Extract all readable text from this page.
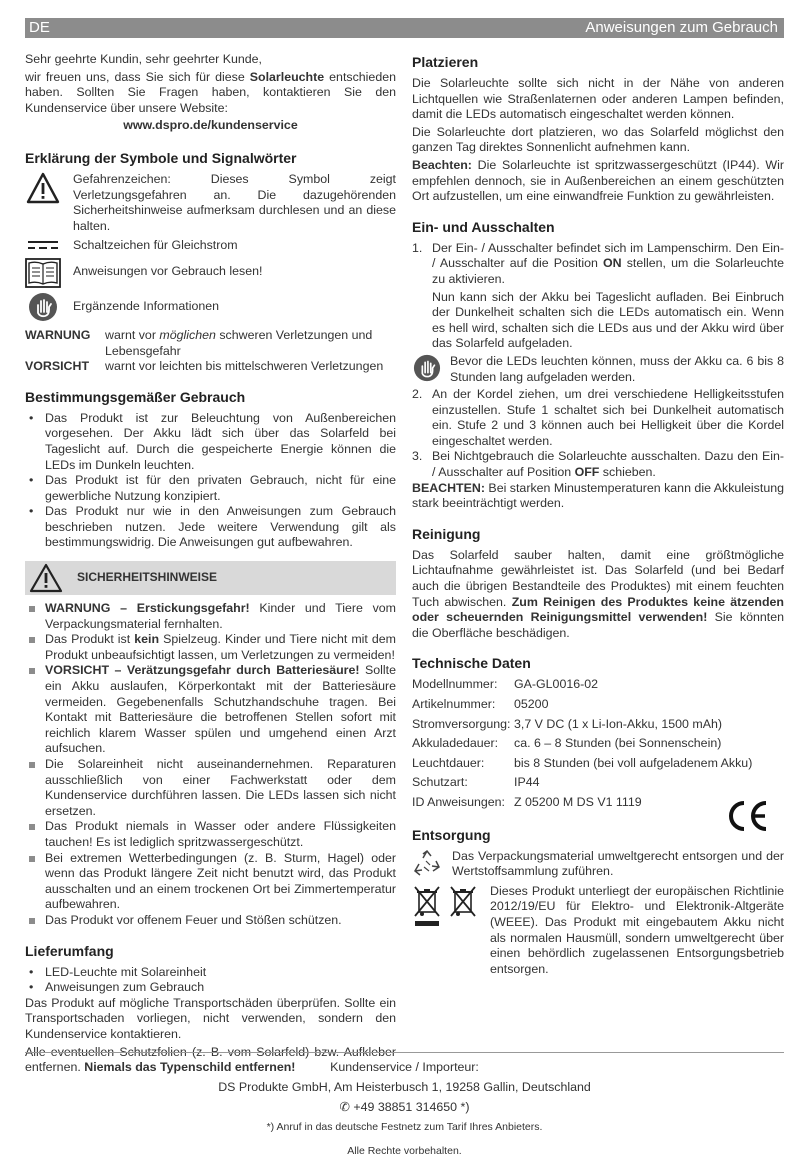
DE	Anweisungen zum Gebrauch

Sehr geehrte Kundin, sehr geehrter Kunde,

wir freuen uns, dass Sie sich für diese Solarleuchte entschieden haben. Sollten Sie Fragen haben, kontaktieren Sie den Kundenservice über unsere Website:

www.dspro.de/kundenservice

Erklärung der Symbole und Signalwörter
Gefahrenzeichen: Dieses Symbol zeigt Verletzungsgefahren an. Die dazugehörenden Sicherheitshinweise aufmerksam durchlesen und an diese halten.
Schaltzeichen für Gleichstrom
Anweisungen vor Gebrauch lesen!
Ergänzende Informationen
WARNUNG	warnt vor möglichen schweren Verletzungen und Lebensgefahr
VORSICHT	warnt vor leichten bis mittelschweren Verletzungen
Bestimmungsgemäßer Gebrauch
• Das Produkt ist zur Beleuchtung von Außenbereichen vorgesehen. Der Akku lädt sich über das Solarfeld bei Tageslicht auf. Durch die gespeicherte Energie können die LEDs im Dunkeln leuchten.
• Das Produkt ist für den privaten Gebrauch, nicht für eine gewerbliche Nutzung konzipiert.
• Das Produkt nur wie in den Anweisungen zum Gebrauch beschrieben nutzen. Jede weitere Verwendung gilt als bestimmungswidrig. Die Anweisungen gut aufbewahren.
SICHERHEITSHINWEISE
WARNUNG – Erstickungsgefahr! Kinder und Tiere vom Verpackungsmaterial fernhalten.
Das Produkt ist kein Spielzeug. Kinder und Tiere nicht mit dem Produkt unbeaufsichtigt lassen, um Verletzungen zu vermeiden!
VORSICHT – Verätzungsgefahr durch Batteriesäure! Sollte ein Akku auslaufen, Körperkontakt mit der Batteriesäure vermeiden. Gegebenenfalls Schutzhandschuhe tragen. Bei Kontakt mit Batteriesäure die betroffenen Stellen sofort mit reichlich klarem Wasser spülen und umgehend einen Arzt aufsuchen.
Die Solareinheit nicht auseinandernehmen. Reparaturen ausschließlich von einer Fachwerkstatt oder dem Kundenservice durchführen lassen. Die LEDs lassen sich nicht ersetzen.
Das Produkt niemals in Wasser oder andere Flüssigkeiten tauchen! Es ist lediglich spritzwassergeschützt.
Bei extremen Wetterbedingungen (z. B. Sturm, Hagel) oder wenn das Produkt längere Zeit nicht benutzt wird, das Produkt ausschalten und an einem trockenen Ort bei Zimmertemperatur aufbewahren.
Das Produkt vor offenem Feuer und Stößen schützen.
Lieferumfang
• LED-Leuchte mit Solareinheit
• Anweisungen zum Gebrauch

Das Produkt auf mögliche Transportschäden überprüfen. Sollte ein Transportschaden vorliegen, nicht verwenden, sondern den Kundenservice kontaktieren.

Alle eventuellen Schutzfolien (z. B. vom Solarfeld) bzw. Aufkleber entfernen. Niemals das Typenschild entfernen!

Platzieren

Die Solarleuchte sollte sich nicht in der Nähe von anderen Lichtquellen wie Straßenlaternen oder anderen Lampen befinden, damit die LEDs automatisch eingeschaltet werden können.

Die Solarleuchte dort platzieren, wo das Solarfeld möglichst den ganzen Tag direktes Sonnenlicht aufnehmen kann.

Beachten: Die Solarleuchte ist spritzwassergeschützt (IP44). Wir empfehlen dennoch, sie in Außenbereichen an einem geschützten Ort aufzustellen, um eine einwandfreie Funktion zu gewährleisten.

Ein- und Ausschalten
1. Der Ein- / Ausschalter befindet sich im Lampenschirm. Den Ein- / Ausschalter auf die Position ON stellen, um die Solarleuchte zu aktivieren.
Nun kann sich der Akku bei Tageslicht aufladen. Bei Einbruch der Dunkelheit schalten sich die LEDs automatisch ein. Wenn es hell wird, schalten sich die LEDs aus und der Akku wird über das Solarfeld aufgeladen.
Bevor die LEDs leuchten können, muss der Akku ca. 6 bis 8 Stunden lang aufgeladen werden.
2. An der Kordel ziehen, um drei verschiedene Helligkeitsstufen einzustellen. Stufe 1 schaltet sich bei Dunkelheit automatisch ein. Stufe 2 und 3 können auch bei Helligkeit über die Kordel eingeschaltet werden.
3. Bei Nichtgebrauch die Solarleuchte ausschalten. Dazu den Ein- / Ausschalter auf Position OFF schieben.

BEACHTEN: Bei starken Minustemperaturen kann die Akkuleistung stark beeinträchtigt werden.

Reinigung

Das Solarfeld sauber halten, damit eine größtmögliche Lichtaufnahme gewährleistet ist. Das Solarfeld (und bei Bedarf auch die übrigen Bestandteile des Produktes) mit einem feuchten Tuch abwischen. Zum Reinigen des Produktes keine ätzenden oder scheuernden Reinigungsmittel verwenden! Sie könnten die Oberfläche beschädigen.

Technische Daten
Modellnummer:	GA-GL0016-02
Artikelnummer:	05200
Stromversorgung: 3,7 V DC (1 x Li-Ion-Akku, 1500 mAh)
Akkuladedauer:	ca. 6 – 8 Stunden (bei Sonnenschein)
Leuchtdauer:	bis 8 Stunden (bei voll aufgeladenem Akku)
Schutzart:	IP44
ID Anweisungen: Z 05200 M DS V1 1119
Entsorgung
Das Verpackungsmaterial umweltgerecht entsorgen und der Wertstoffsammlung zuführen.
Dieses Produkt unterliegt der europäischen Richtlinie 2012/19/EU für Elektro- und Elektronik-Altgeräte (WEEE). Das Produkt mit eingebautem Akku nicht als normalen Hausmüll, sondern umweltgerecht über einen behördlich zugelassenen Entsorgungsbetrieb entsorgen.
Kundenservice / Importeur:
DS Produkte GmbH, Am Heisterbusch 1, 19258 Gallin, Deutschland
✆ +49 38851 314650 *)
*) Anruf in das deutsche Festnetz zum Tarif Ihres Anbieters.
Alle Rechte vorbehalten.
